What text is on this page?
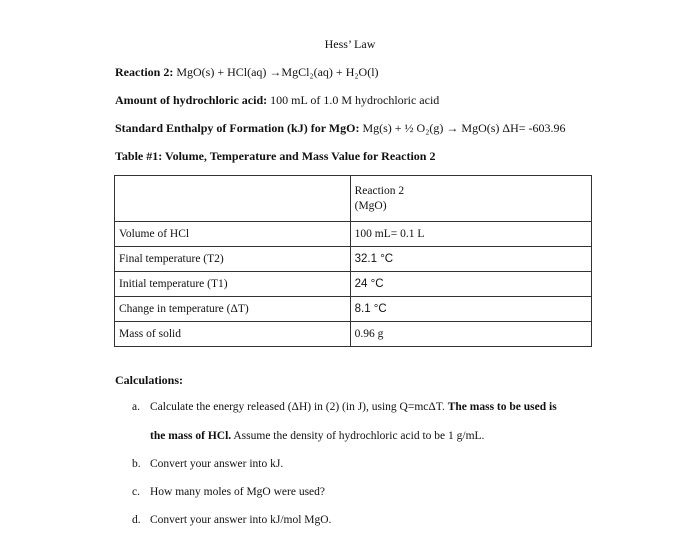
Hess’ Law
Reaction 2: MgO(s) + HCl(aq) →MgCl₂(aq) + H₂O(l)
Amount of hydrochloric acid: 100 mL of 1.0 M hydrochloric acid
Standard Enthalpy of Formation (kJ) for MgO: Mg(s) + ½ O₂(g) → MgO(s) ΔH= -603.96
Table #1: Volume, Temperature and Mass Value for Reaction 2

	Reaction 2
(MgO)

Volume of HCl	100 mL= 0.1 L
Final temperature (T2)	32.1 °C
Initial temperature (T1)	24 °C
Change in temperature (ΔT)	8.1 °C
Mass of solid	0.96 g
Calculations:
a. Calculate the energy released (ΔH) in (2) (in J), using Q=mcΔT. The mass to be used is
the mass of HCl. Assume the density of hydrochloric acid to be 1 g/mL.
b. Convert your answer into kJ.
c. How many moles of MgO were used?
d. Convert your answer into kJ/mol MgO.
